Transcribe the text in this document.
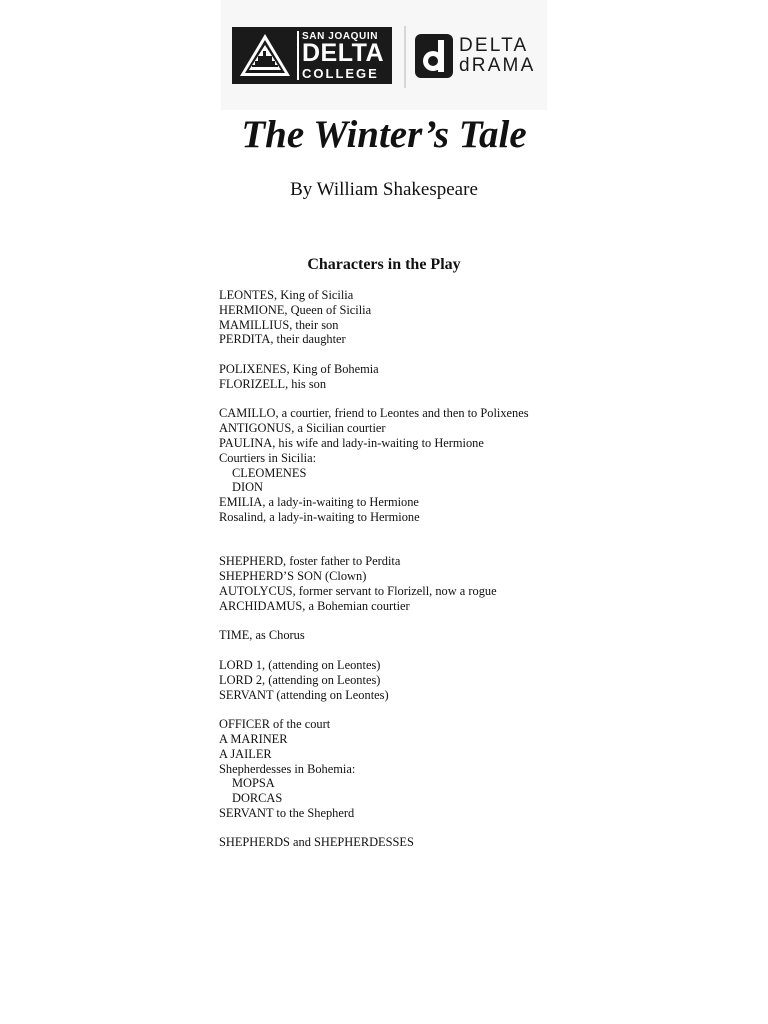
SAN JOAQUIN
DELTA
COLLEGE
DELTA
dRAMA
The Winter’s Tale
By William Shakespeare
Characters in the Play
LEONTES, King of Sicilia
HERMIONE, Queen of Sicilia
MAMILLIUS, their son
PERDITA, their daughter
POLIXENES, King of Bohemia
FLORIZELL, his son
CAMILLO, a courtier, friend to Leontes and then to Polixenes
ANTIGONUS, a Sicilian courtier
PAULINA, his wife and lady-in-waiting to Hermione
Courtiers in Sicilia:
CLEOMENES
DION
EMILIA, a lady-in-waiting to Hermione
Rosalind, a lady-in-waiting to Hermione
SHEPHERD, foster father to Perdita
SHEPHERD’S SON (Clown)
AUTOLYCUS, former servant to Florizell, now a rogue
ARCHIDAMUS, a Bohemian courtier
TIME, as Chorus
LORD 1, (attending on Leontes)
LORD 2, (attending on Leontes)
SERVANT (attending on Leontes)
OFFICER of the court
A MARINER
A JAILER
Shepherdesses in Bohemia:
MOPSA
DORCAS
SERVANT to the Shepherd
SHEPHERDS and SHEPHERDESSES
